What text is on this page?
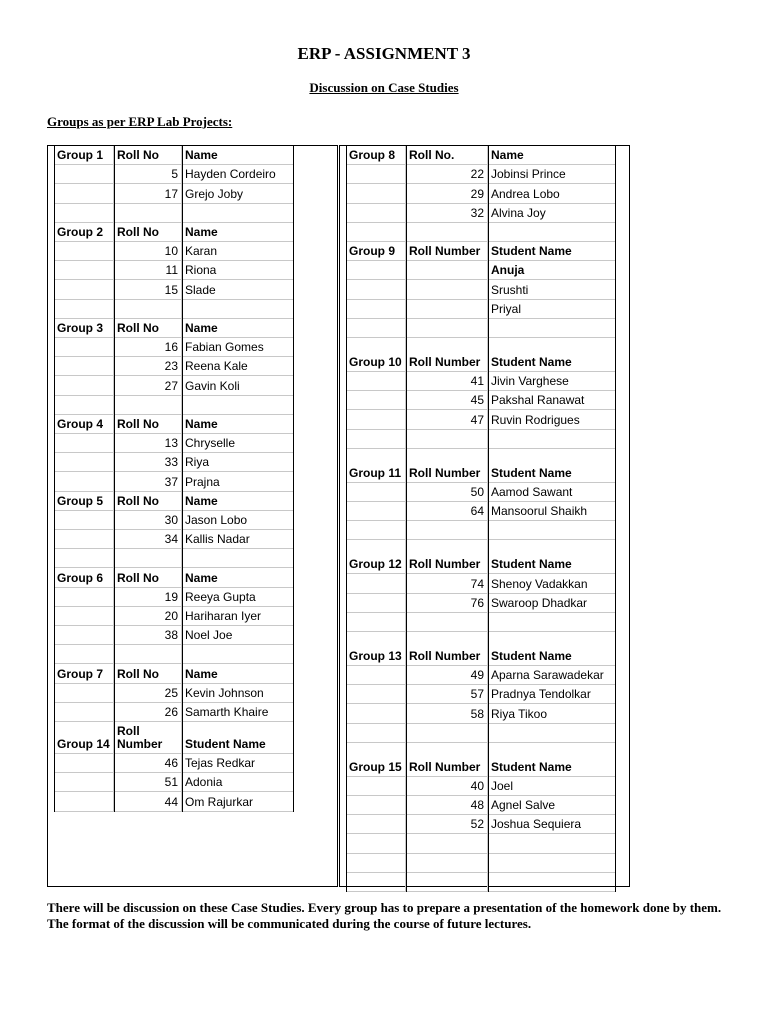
ERP - ASSIGNMENT 3
Discussion on Case Studies
Groups as per ERP Lab Projects:
Group 1 Roll No Name
5 Hayden Cordeiro
17 Grejo Joby
Group 2 Roll No Name
10 Karan
11 Riona
15 Slade
Group 3 Roll No Name
16 Fabian Gomes
23 Reena Kale
27 Gavin Koli
Group 4 Roll No Name
13 Chryselle
33 Riya
37 Prajna
Group 5 Roll No Name
30 Jason Lobo
34 Kallis Nadar
Group 6 Roll No Name
19 Reeya Gupta
20 Hariharan Iyer
38 Noel Joe
Group 7 Roll No Name
25 Kevin Johnson
26 Samarth Khaire
Group 14
Roll Number	Student Name
46 Tejas Redkar
51 Adonia
44 Om Rajurkar
Group 8 Roll No.	Name
22 Jobinsi Prince
29 Andrea Lobo
32 Alvina Joy
Group 9 Roll Number Student Name
Anuja
Srushti
Priyal
Group 10 Roll Number Student Name
41 Jivin Varghese
45 Pakshal Ranawat
47 Ruvin Rodrigues
Group 11 Roll Number Student Name
50 Aamod Sawant
64 Mansoorul Shaikh
Group 12 Roll Number Student Name
74 Shenoy Vadakkan
76 Swaroop Dhadkar
Group 13 Roll Number Student Name
49 Aparna Sarawadekar
57 Pradnya Tendolkar
58 Riya Tikoo
Group 15 Roll Number Student Name
40 Joel
48 Agnel Salve
52 Joshua Sequiera
There will be discussion on these Case Studies. Every group has to prepare a presentation of the homework done by them. The format of the discussion will be communicated during the course of future lectures.
